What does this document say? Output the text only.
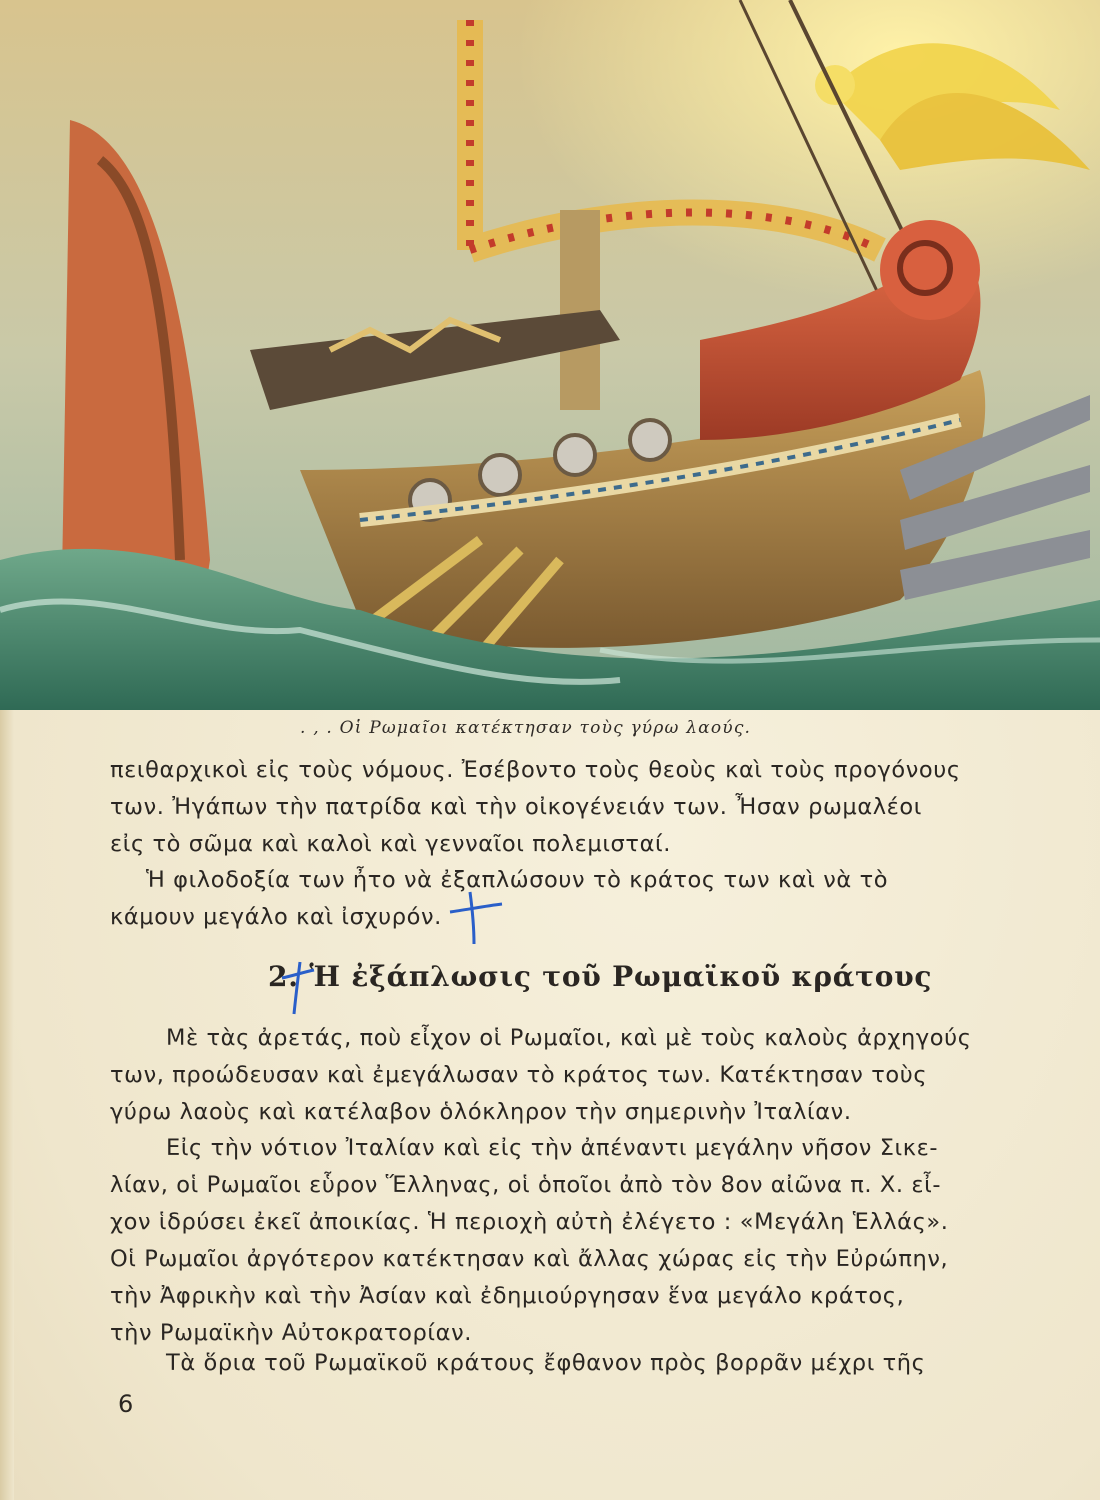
. , . Οἱ Ρωμαῖοι κατέκτησαν τοὺς γύρω λαούς.
πειθαρχικοὶ εἰς τοὺς νόμους. Ἐσέβοντο τοὺς θεοὺς καὶ τοὺς προγόνους
των. Ἠγάπων τὴν πατρίδα καὶ τὴν οἰκογένειάν των. Ἦσαν ρωμαλέοι
εἰς τὸ σῶμα καὶ καλοὶ καὶ γενναῖοι πολεμισταί.
Ἡ φιλοδοξία των ἦτο νὰ ἐξαπλώσουν τὸ κράτος των καὶ νὰ τὸ
κάμουν μεγάλο καὶ ἰσχυρόν.
2. Ἡ ἐξάπλωσις τοῦ Ρωμαϊκοῦ κράτους
Μὲ τὰς ἀρετάς, ποὺ εἶχον οἱ Ρωμαῖοι, καὶ μὲ τοὺς καλοὺς ἀρχηγούς
των, προώδευσαν καὶ ἐμεγάλωσαν τὸ κράτος των. Κατέκτησαν τοὺς
γύρω λαοὺς καὶ κατέλαβον ὁλόκληρον τὴν σημερινὴν Ἰταλίαν.
Εἰς τὴν νότιον Ἰταλίαν καὶ εἰς τὴν ἀπέναντι μεγάλην νῆσον Σικε-
λίαν, οἱ Ρωμαῖοι εὗρον Ἕλληνας, οἱ ὁποῖοι ἀπὸ τὸν 8ον αἰῶνα π. Χ. εἶ-
χον ἱδρύσει ἐκεῖ ἀποικίας. Ἡ περιοχὴ αὐτὴ ἐλέγετο : «Μεγάλη Ἑλλάς».
Οἱ Ρωμαῖοι ἀργότερον κατέκτησαν καὶ ἄλλας χώρας εἰς τὴν Εὐρώπην,
τὴν Ἀφρικὴν καὶ τὴν Ἀσίαν καὶ ἐδημιούργησαν ἕνα μεγάλο κράτος,
τὴν Ρωμαϊκὴν Αὐτοκρατορίαν.
Τὰ ὅρια τοῦ Ρωμαϊκοῦ κράτους ἔφθανον πρὸς βορρᾶν μέχρι τῆς
6
